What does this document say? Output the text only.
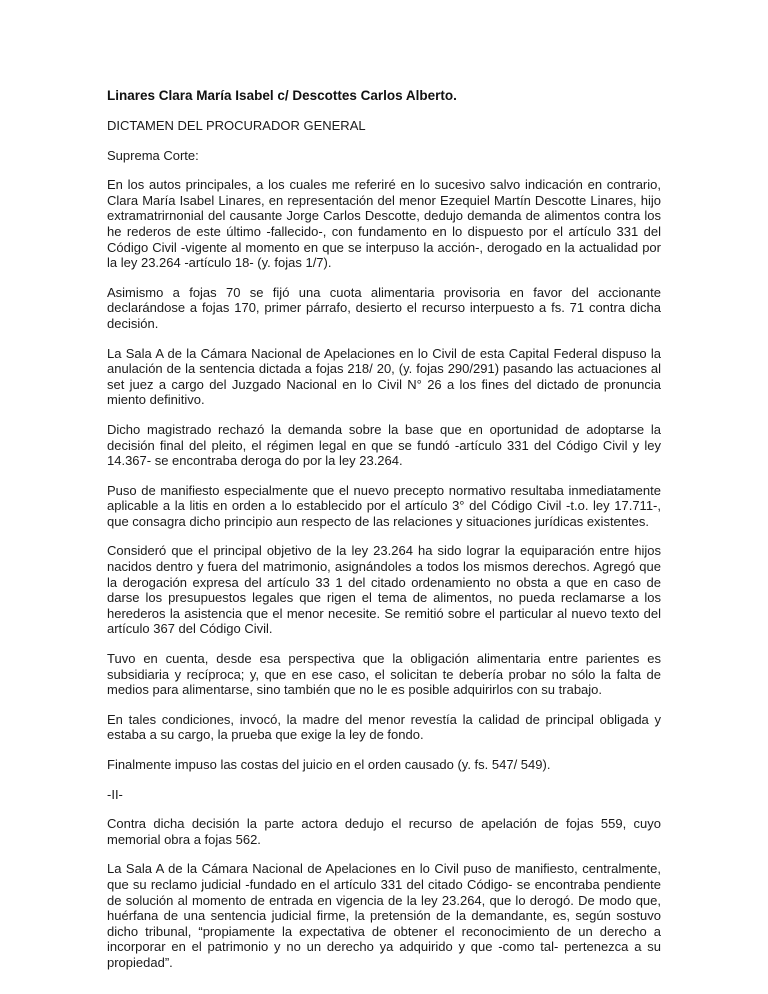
Linares Clara María Isabel c/ Descottes Carlos Alberto.

DICTAMEN DEL PROCURADOR GENERAL

Suprema Corte:

En los autos principales, a los cuales me referiré en lo sucesivo salvo indicación en contrario, Clara María Isabel Linares, en representación del menor Ezequiel Martín Descotte Linares, hijo extramatrirnonial del causante Jorge Carlos Descotte, dedujo demanda de alimentos contra los he rederos de este último -fallecido-, con fundamento en lo dispuesto por el artículo 331 del Código Civil -vigente al momento en que se interpuso la acción-, derogado en la actualidad por la ley 23.264 -artículo 18- (y. fojas 1/7).

Asimismo a fojas 70 se fijó una cuota alimentaria provisoria en favor del accionante declarándose a fojas 170, primer párrafo, desierto el recurso interpuesto a fs. 71 contra dicha decisión.

La Sala A de la Cámara Nacional de Apelaciones en lo Civil de esta Capital Federal dispuso la anulación de la sentencia dictada a fojas 218/ 20, (y. fojas 290/291) pasando las actuaciones al set juez a cargo del Juzgado Nacional en lo Civil N° 26 a los fines del dictado de pronuncia miento definitivo.

Dicho magistrado rechazó la demanda sobre la base que en oportunidad de adoptarse la decisión final del pleito, el régimen legal en que se fundó -artículo 331 del Código Civil y ley 14.367- se encontraba deroga do por la ley 23.264.

Puso de manifiesto especialmente que el nuevo precepto normativo resultaba inmediatamente aplicable a la litis en orden a lo establecido por el artículo 3° del Código Civil -t.o. ley 17.711-, que consagra dicho principio aun respecto de las relaciones y situaciones jurídicas existentes.

Consideró que el principal objetivo de la ley 23.264 ha sido lograr la equiparación entre hijos nacidos dentro y fuera del matrimonio, asignándoles a todos los mismos derechos. Agregó que la derogación expresa del artículo 33 1 del citado ordenamiento no obsta a que en caso de darse los presupuestos legales que rigen el tema de alimentos, no pueda reclamarse a los herederos la asistencia que el menor necesite. Se remitió sobre el particular al nuevo texto del artículo 367 del Código Civil.

Tuvo en cuenta, desde esa perspectiva que la obligación alimentaria entre parientes es subsidiaria y recíproca; y, que en ese caso, el solicitan te debería probar no sólo la falta de medios para alimentarse, sino también que no le es posible adquirirlos con su trabajo.

En tales condiciones, invocó, la madre del menor revestía la calidad de principal obligada y estaba a su cargo, la prueba que exige la ley de fondo.

Finalmente impuso las costas del juicio en el orden causado (y. fs. 547/ 549).

-II-

Contra dicha decisión la parte actora dedujo el recurso de apelación de fojas 559, cuyo memorial obra a fojas 562.

La Sala A de la Cámara Nacional de Apelaciones en lo Civil puso de manifiesto, centralmente, que su reclamo judicial -fundado en el artículo 331 del citado Código- se encontraba pendiente de solución al momento de entrada en vigencia de la ley 23.264, que lo derogó. De modo que, huérfana de una sentencia judicial firme, la pretensión de la demandante, es, según sostuvo dicho tribunal, “propiamente la expectativa de obtener el reconocimiento de un derecho a incorporar en el patrimonio y no un derecho ya adquirido y que -como tal- pertenezca a su propiedad”.
